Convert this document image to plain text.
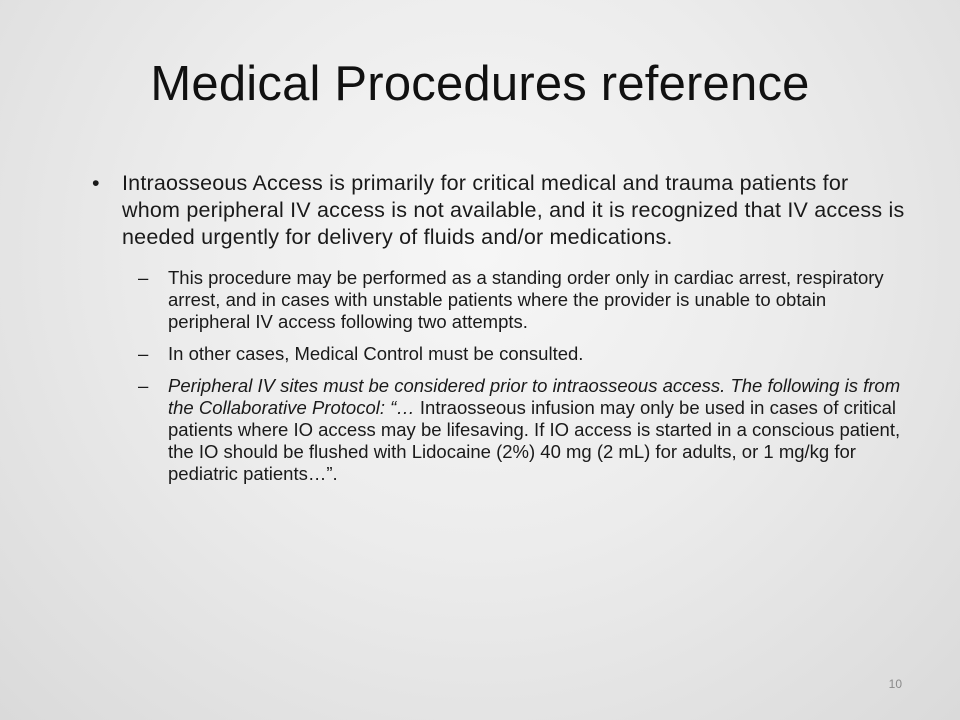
Medical Procedures reference
•	Intraosseous Access is primarily for critical medical and trauma patients for whom peripheral IV access is not available, and it is recognized that IV access is needed urgently for delivery of fluids and/or medications.
–	This procedure may be performed as a standing order only in cardiac arrest, respiratory arrest, and in cases with unstable patients where the provider is unable to obtain peripheral IV access following two attempts.
–	In other cases, Medical Control must be consulted.
–	Peripheral IV sites must be considered prior to intraosseous access. The following is from the Collaborative Protocol: “… Intraosseous infusion may only be used in cases of critical patients where IO access may be lifesaving. If IO access is started in a conscious patient, the IO should be flushed with Lidocaine (2%) 40 mg (2 mL) for adults, or 1 mg/kg for pediatric patients…”.
10
